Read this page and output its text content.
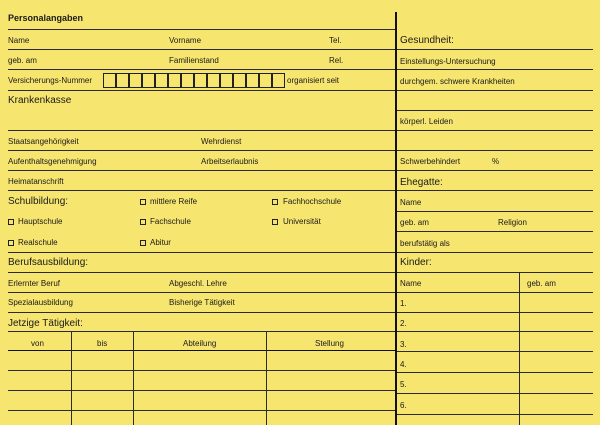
Personalangaben
Name	Vorname	Tel.
geb. am	Familienstand	Rel.
Versicherungs-Nummer	organisiert seit
Krankenkasse
Staatsangehörigkeit	Wehrdienst
Aufenthaltsgenehmigung	Arbeitserlaubnis
Heimatanschrift
Schulbildung:	mittlere Reife	Fachhochschule
Hauptschule	Fachschule	Universität
Realschule	Abitur
Berufsausbildung:
Erlernter Beruf	Abgeschl. Lehre
Spezialausbildung	Bisherige Tätigkeit
Jetzige Tätigkeit:
von	bis	Abteilung	Stellung
Gesundheit:
Einstellungs-Untersuchung
durchgem. schwere Krankheiten
körperl. Leiden
Schwerbehindert	%
Ehegatte:
Name
geb. am	Religion
berufstätig als
Kinder:
Name	geb. am
1.
2.
3.
4.
5.
6.
